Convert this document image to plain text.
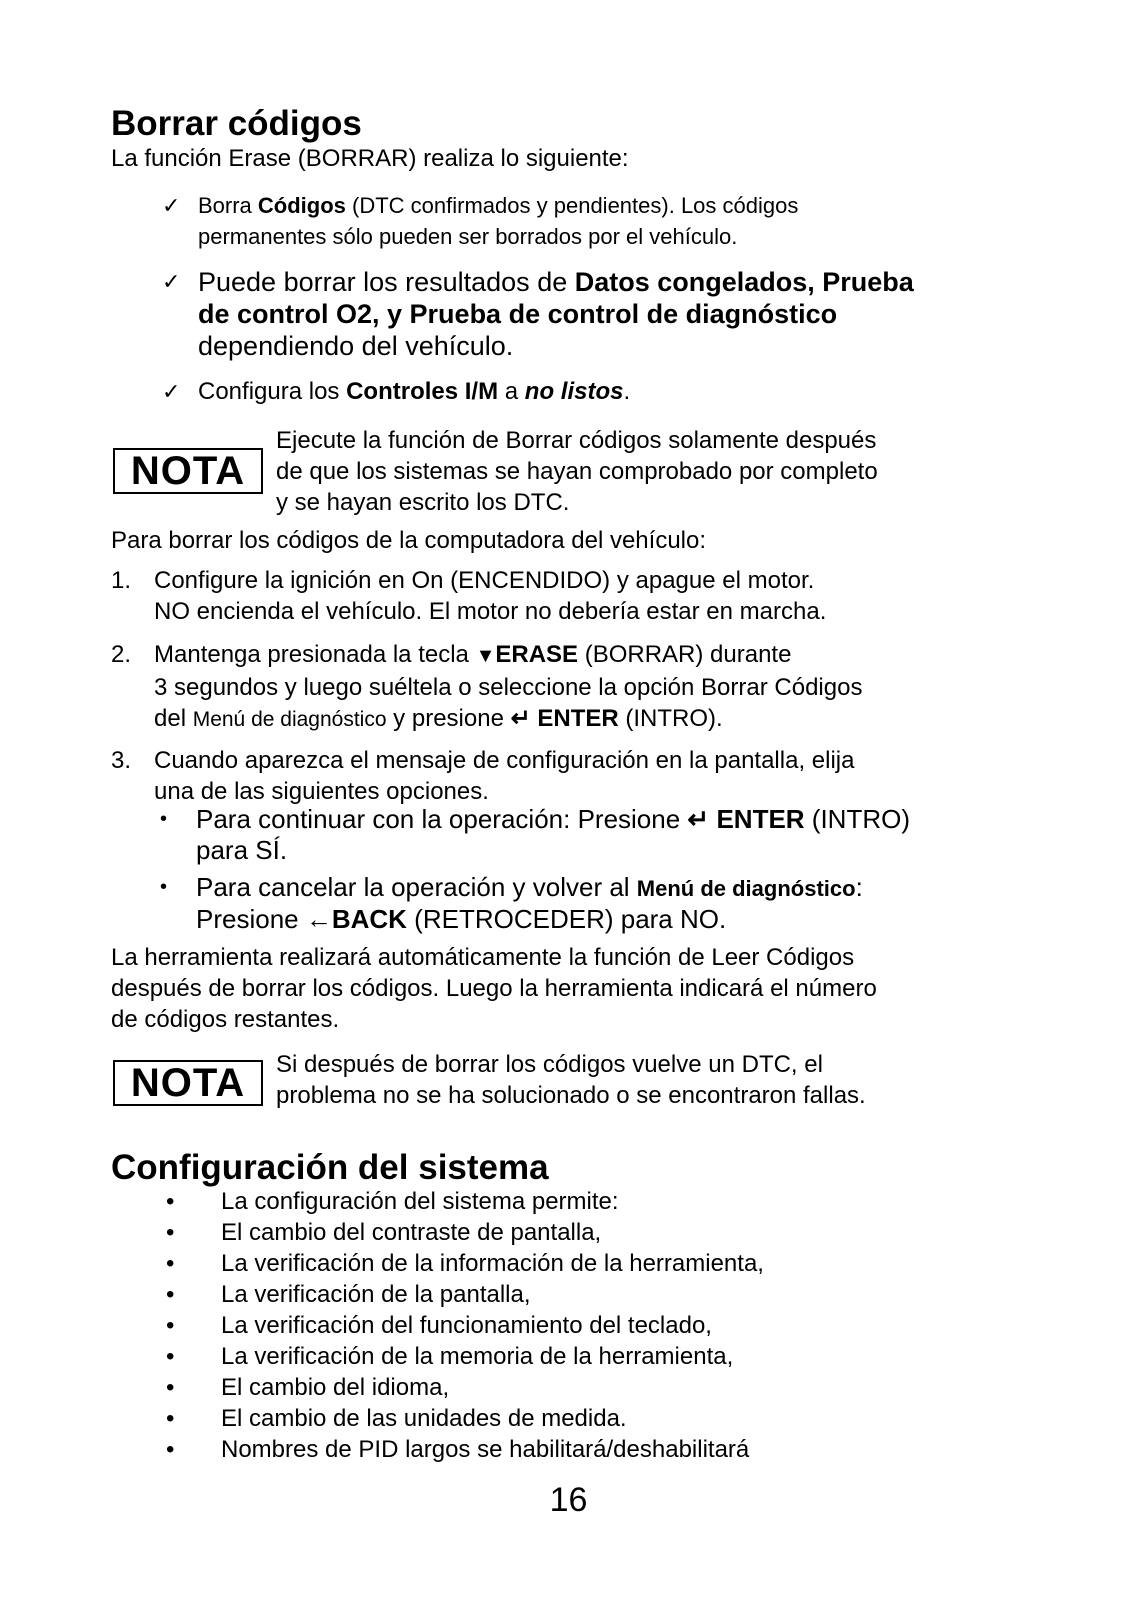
Borrar códigos
La función Erase (BORRAR) realiza lo siguiente:
✓ Borra Códigos (DTC confirmados y pendientes). Los códigos
permanentes sólo pueden ser borrados por el vehículo.
✓ Puede borrar los resultados de Datos congelados, Prueba
de control O2, y Prueba de control de diagnóstico
dependiendo del vehículo.
✓ Configura los Controles I/M a no listos.
NOTA
Ejecute la función de Borrar códigos solamente después
de que los sistemas se hayan comprobado por completo
y se hayan escrito los DTC.
Para borrar los códigos de la computadora del vehículo:
1. Configure la ignición en On (ENCENDIDO) y apague el motor.
NO encienda el vehículo. El motor no debería estar en marcha.
2. Mantenga presionada la tecla ▼ERASE (BORRAR) durante
3 segundos y luego suéltela o seleccione la opción Borrar Códigos
del Menú de diagnóstico y presione ↵ ENTER (INTRO).
3. Cuando aparezca el mensaje de configuración en la pantalla, elija
una de las siguientes opciones.
• Para continuar con la operación: Presione ↵ ENTER (INTRO)
para SÍ.
• Para cancelar la operación y volver al Menú de diagnóstico:
Presione ←BACK (RETROCEDER) para NO.
La herramienta realizará automáticamente la función de Leer Códigos
después de borrar los códigos. Luego la herramienta indicará el número
de códigos restantes.
NOTA	Si después de borrar los códigos vuelve un DTC, el
problema no se ha solucionado o se encontraron fallas.
Configuración del sistema
• La configuración del sistema permite:
• El cambio del contraste de pantalla,
• La verificación de la información de la herramienta,
• La verificación de la pantalla,
• La verificación del funcionamiento del teclado,
• La verificación de la memoria de la herramienta,
• El cambio del idioma,
• El cambio de las unidades de medida.
• Nombres de PID largos se habilitará/deshabilitará
16
